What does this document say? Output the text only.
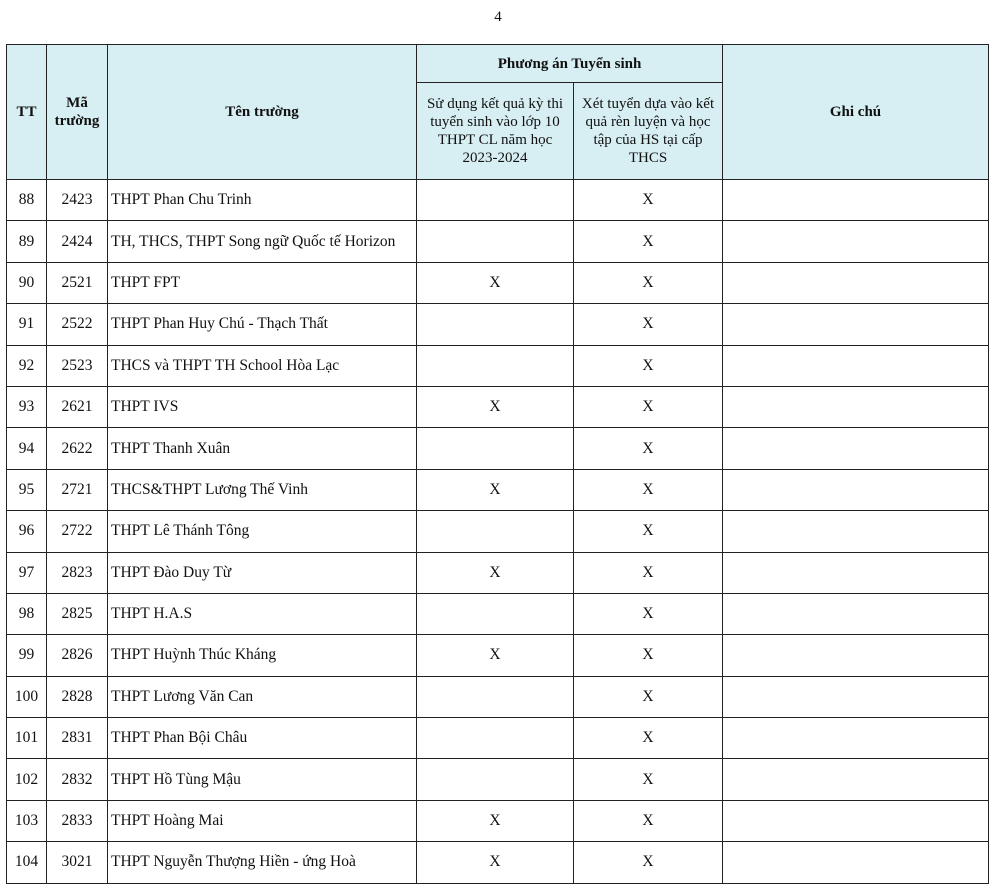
4
TT	Mã trường	Tên trường	Phương án Tuyển sinh		Ghi chú
			Sử dụng kết quả kỳ thi tuyển sinh vào lớp 10 THPT CL năm học 2023-2024	Xét tuyển dựa vào kết quả rèn luyện và học tập của HS tại cấp THCS	
88	2423	THPT Phan Chu Trinh		X	
89	2424	TH, THCS, THPT Song ngữ Quốc tế Horizon		X	
90	2521	THPT FPT	X	X	
91	2522	THPT Phan Huy Chú - Thạch Thất		X	
92	2523	THCS và THPT TH School Hòa Lạc		X	
93	2621	THPT IVS	X	X	
94	2622	THPT Thanh Xuân		X	
95	2721	THCS&THPT Lương Thế Vinh	X	X	
96	2722	THPT Lê Thánh Tông		X	
97	2823	THPT Đào Duy Từ	X	X	
98	2825	THPT H.A.S		X	
99	2826	THPT Huỳnh Thúc Kháng	X	X	
100	2828	THPT Lương Văn Can		X	
101	2831	THPT Phan Bội Châu		X	
102	2832	THPT Hồ Tùng Mậu		X	
103	2833	THPT Hoàng Mai	X	X	
104	3021	THPT Nguyễn Thượng Hiền - ứng Hoà	X	X	
